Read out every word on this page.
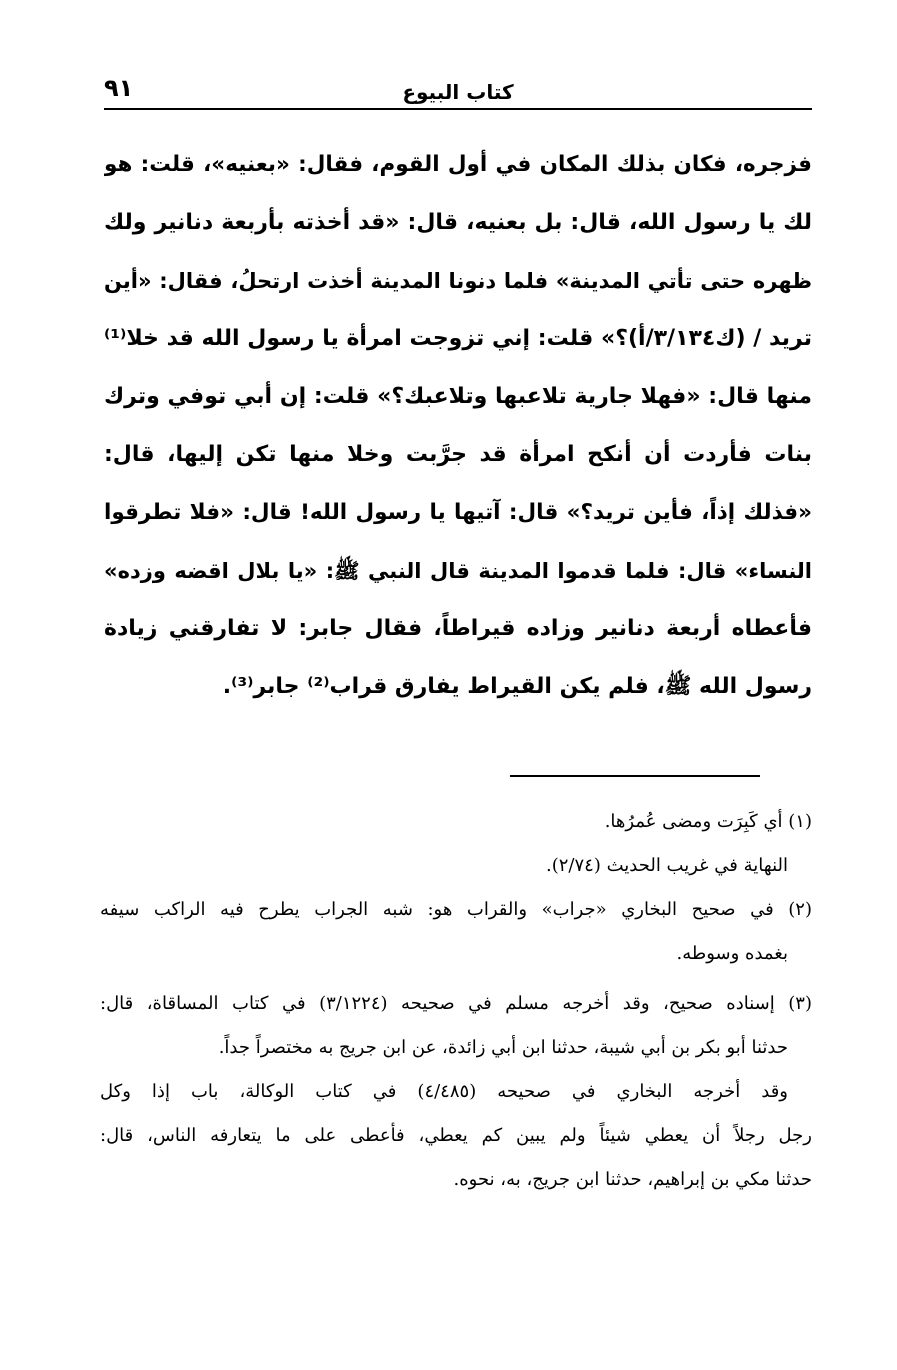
٩١	كتاب البيوع
فزجره، فكان بذلك المكان في أول القوم، فقال: «بعنيه»، قلت: هو
لك يا رسول الله، قال: بل بعنيه، قال: «قد أخذته بأربعة دنانير ولك
ظهره حتى تأتي المدينة» فلما دنونا المدينة أخذت ارتحلُ، فقال: «أين
تريد / (ك٣/١٣٤/أ)؟» قلت: إني تزوجت امرأة يا رسول الله قد خلا⁽¹⁾
منها قال: «فهلا جارية تلاعبها وتلاعبك؟» قلت: إن أبي توفي وترك
بنات فأردت أن أنكح امرأة قد جرَّبت وخلا منها تكن إليها، قال:
«فذلك إذاً، فأين تريد؟» قال: آتيها يا رسول الله! قال: «فلا تطرقوا
النساء» قال: فلما قدموا المدينة قال النبي ﷺ: «يا بلال اقضه وزده»
فأعطاه أربعة دنانير وزاده قيراطاً، فقال جابر: لا تفارقني زيادة
رسول الله ﷺ، فلم يكن القيراط يفارق قراب⁽²⁾ جابر⁽³⁾.
(١) أي كَبِرَت ومضى عُمرُها.
النهاية في غريب الحديث (٢/٧٤).
(٢) في صحيح البخاري «جراب» والقراب هو: شبه الجراب يطرح فيه الراكب سيفه
بغمده وسوطه.
(٣) إسناده صحيح، وقد أخرجه مسلم في صحيحه (٣/١٢٢٤) في كتاب المساقاة، قال:
حدثنا أبو بكر بن أبي شيبة، حدثنا ابن أبي زائدة، عن ابن جريج به مختصراً جداً.
وقد أخرجه البخاري في صحيحه (٤/٤٨٥) في كتاب الوكالة، باب إذا وكل
رجل رجلاً أن يعطي شيئاً ولم يبين كم يعطي، فأعطى على ما يتعارفه الناس، قال:
حدثنا مكي بن إبراهيم، حدثنا ابن جريج، به، نحوه.
